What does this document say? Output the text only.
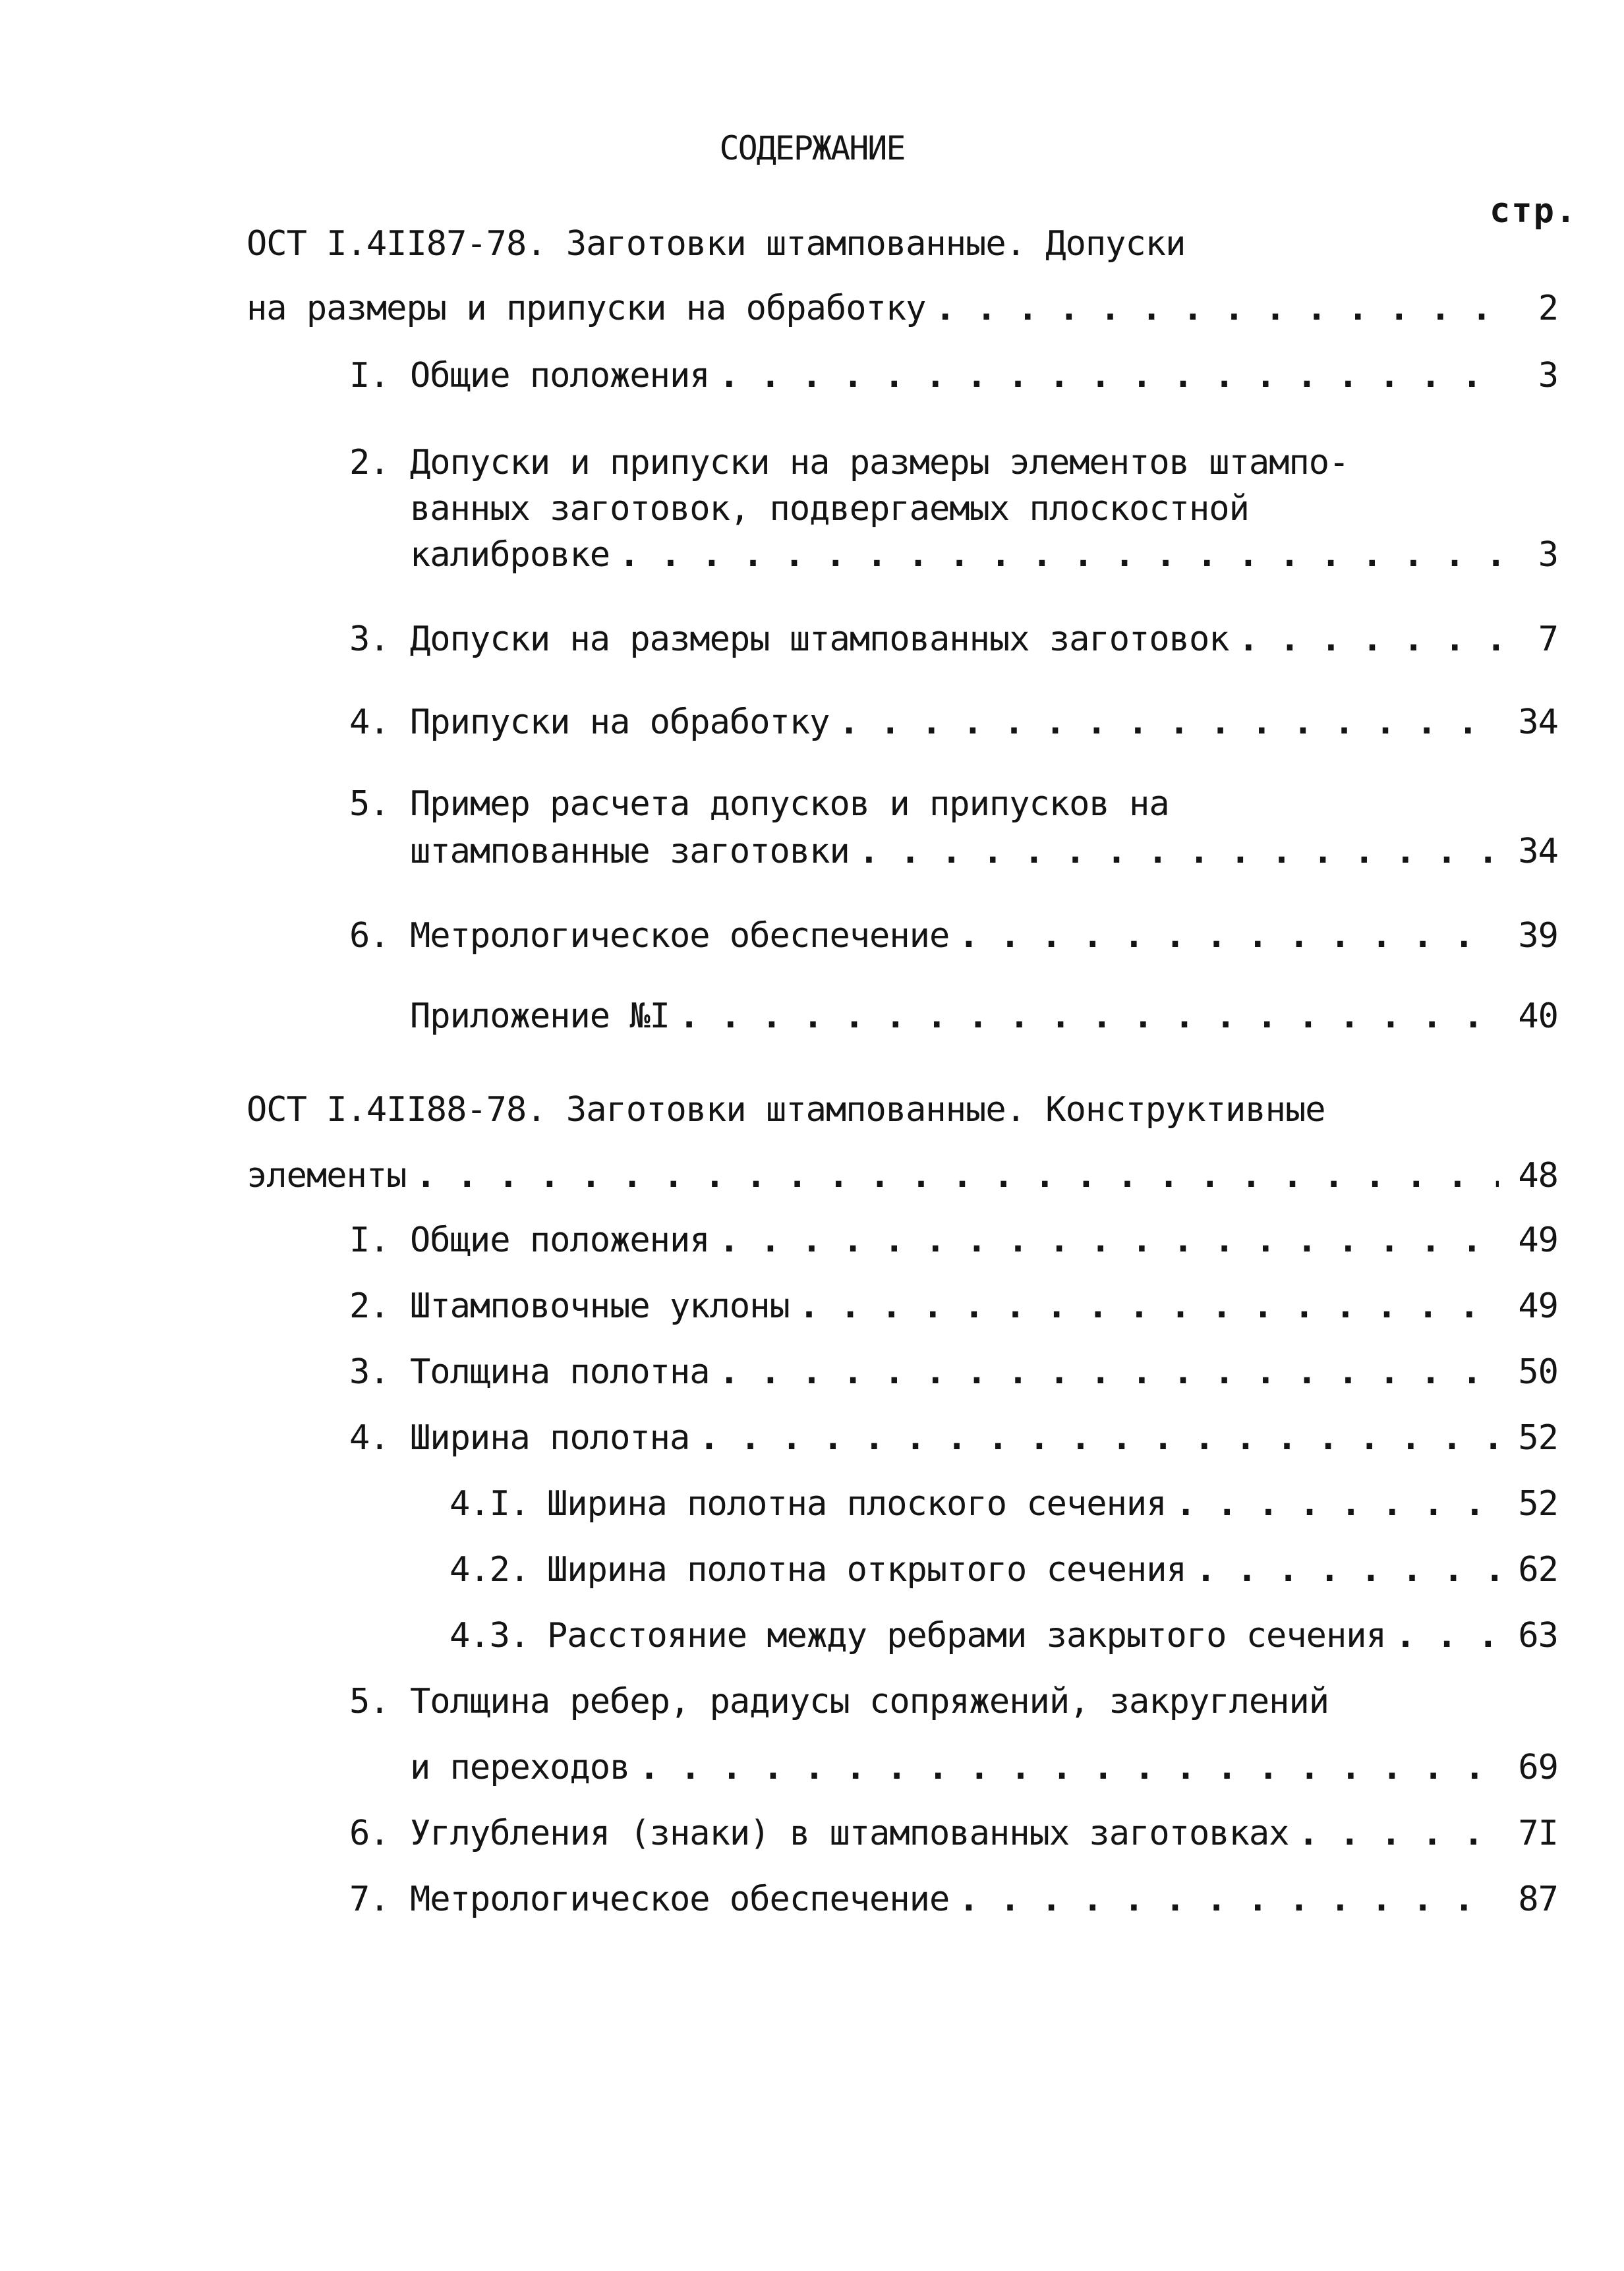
СОДЕРЖАНИЕ
стр.
ОСТ I.4II87-78. Заготовки штампованные. Допуски
на размеры и припуски на обработку . . .	2
I. Общие положения . . .	3
2. Допуски и припуски на размеры элементов штампо-
ванных заготовок, подвергаемых плоскостной
калибровке . . .	3
3. Допуски на размеры штампованных заготовок . . .	7
4. Припуски на обработку . . .	34
5. Пример расчета допусков и припусков на
штампованные заготовки . . .	34
6. Метрологическое обеспечение . . .	39
Приложение №I . . .	40
ОСТ I.4II88-78. Заготовки штампованные. Конструктивные
элементы . . .	48
I. Общие положения . . .	49
2. Штамповочные уклоны . . .	49
3. Толщина полотна . . .	50
4. Ширина полотна . . .	52
4.I. Ширина полотна плоского сечения . . .	52
4.2. Ширина полотна открытого сечения . . .	62
4.3. Расстояние между ребрами закрытого сечения . . .	63
5. Толщина ребер, радиусы сопряжений, закруглений
и переходов . . .	69
6. Углубления (знаки) в штампованных заготовках . . .	7I
7. Метрологическое обеспечение . . .	87
